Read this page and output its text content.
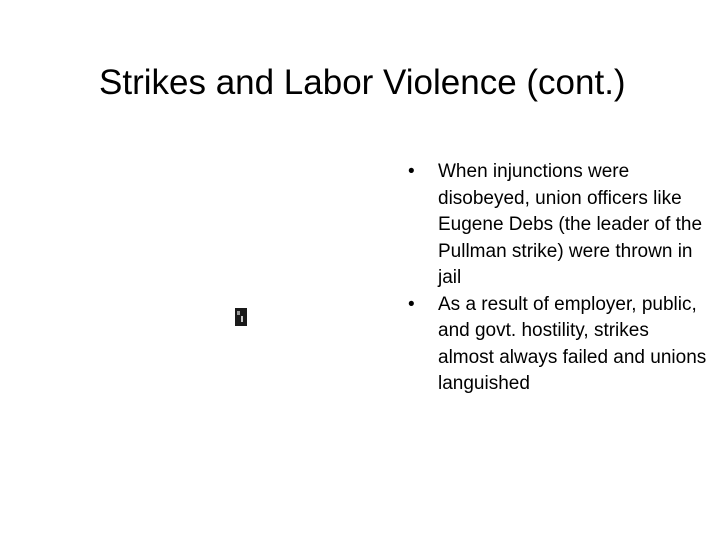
Strikes and Labor Violence (cont.)
• When injunctions were disobeyed, union officers like Eugene Debs (the leader of the Pullman strike) were thrown in jail
• As a result of employer, public, and govt. hostility, strikes almost always failed and unions languished
